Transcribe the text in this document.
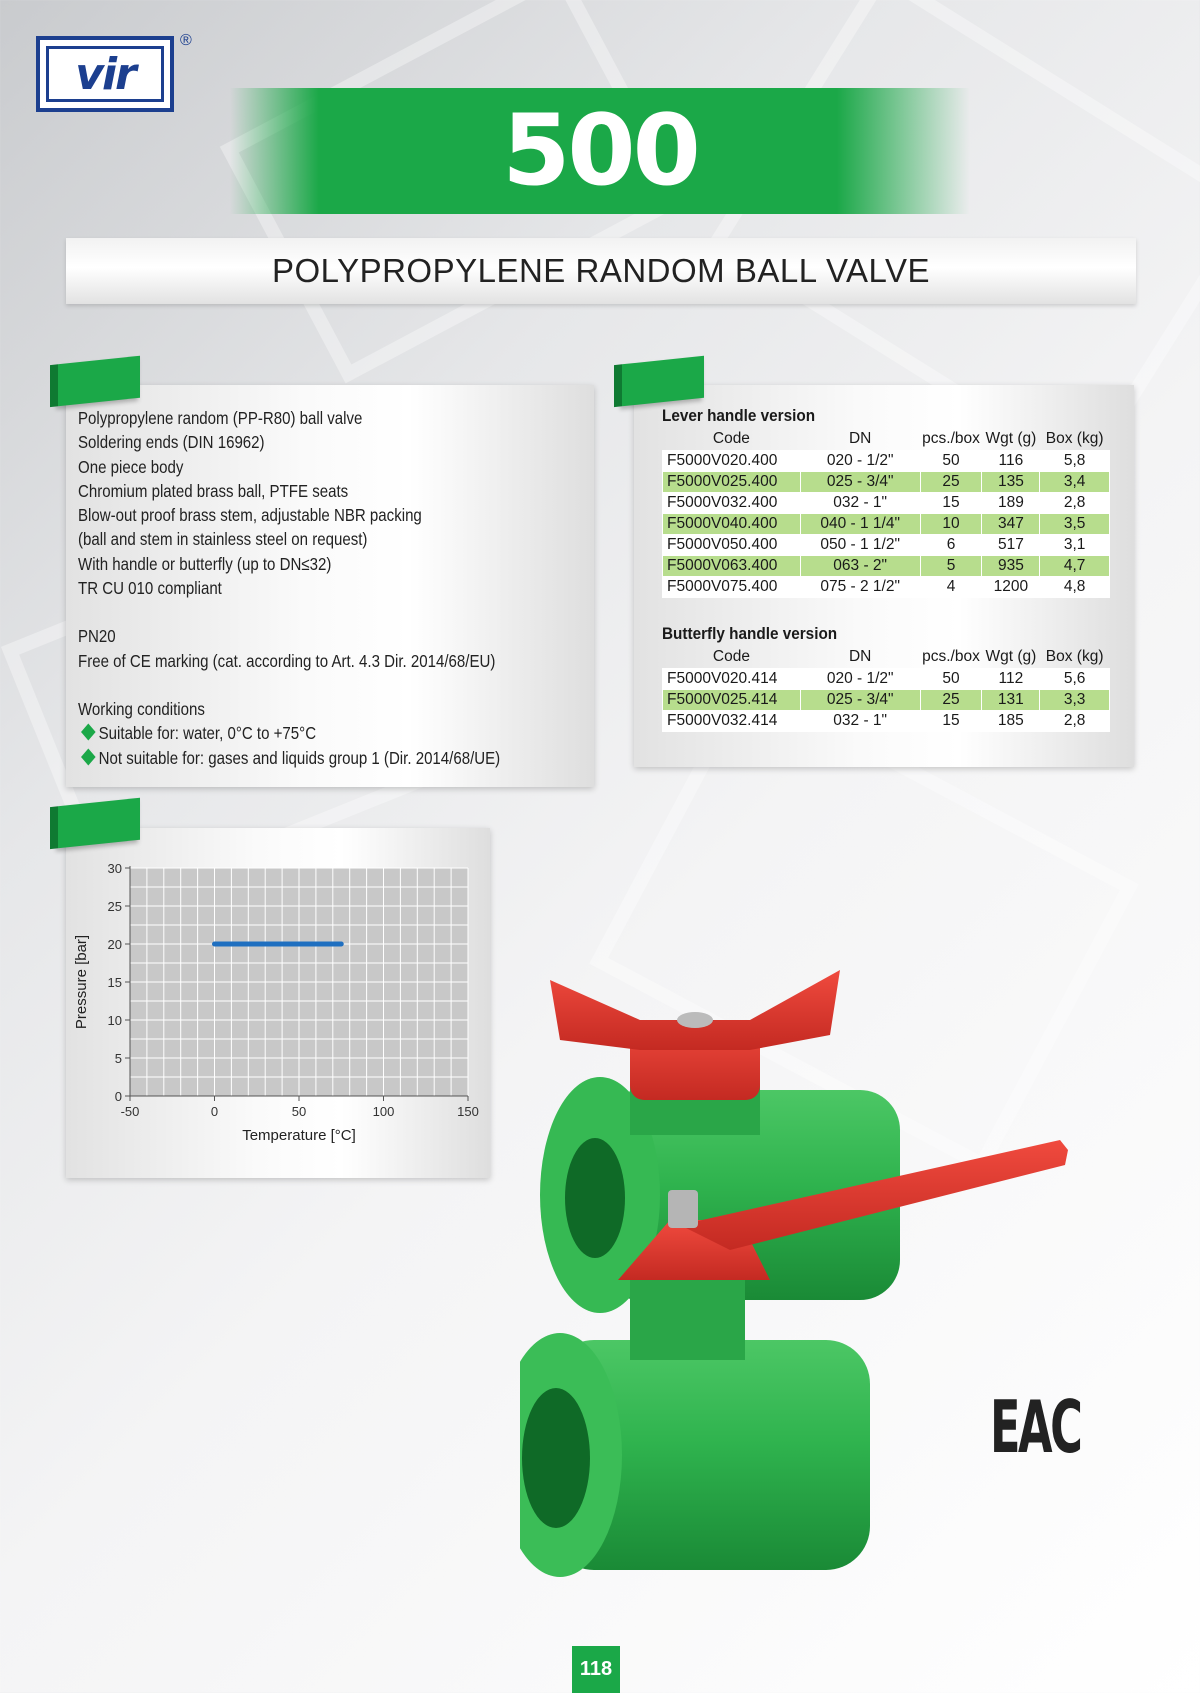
vir
®
500
POLYPROPYLENE RANDOM BALL VALVE
Polypropylene random (PP-R80) ball valve
Soldering ends (DIN 16962)
One piece body
Chromium plated brass ball, PTFE seats
Blow-out proof brass stem, adjustable NBR packing
(ball and stem in stainless steel on request)
With handle or butterfly (up to DN≤32)
TR CU 010 compliant
PN20
Free of CE marking (cat. according to Art. 4.3 Dir. 2014/68/EU)
Working conditions
Suitable for: water, 0°C to +75°C
Not suitable for: gases and liquids group 1 (Dir. 2014/68/UE)
Lever handle version
Code	DN	pcs./box	Wgt (g)	Box (kg)
F5000V020.400	020 - 1/2"	50	116	5,8
F5000V025.400	025 - 3/4"	25	135	3,4
F5000V032.400	032 - 1"	15	189	2,8
F5000V040.400	040 - 1 1/4"	10	347	3,5
F5000V050.400	050 - 1 1/2"	6	517	3,1
F5000V063.400	063 - 2"	5	935	4,7
F5000V075.400	075 - 2 1/2"	4	1200	4,8
Butterfly handle version
Code	DN	pcs./box	Wgt (g)	Box (kg)
F5000V020.414	020 - 1/2"	50	112	5,6
F5000V025.414	025 - 3/4"	25	131	3,3
F5000V032.414	032 - 1"	15	185	2,8
0
5
10
15
20
25
30
-50	0	50	100	150
Temperature [°C]
Pressure [bar]
EAC
118
